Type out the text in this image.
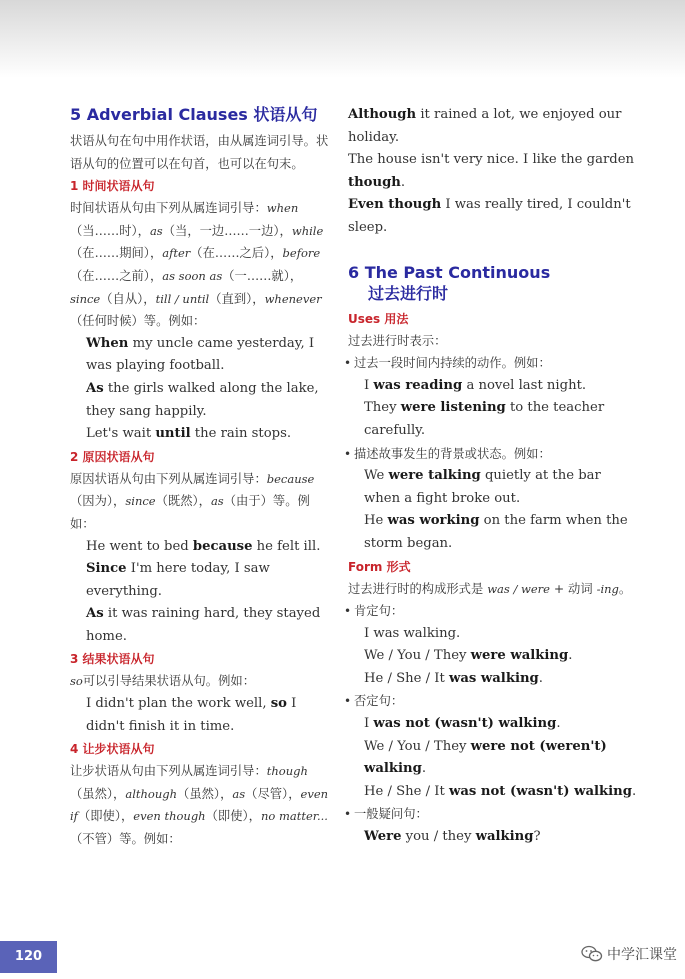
5 Adverbial Clauses 状语从句

状语从句在句中用作状语，由从属连词引导。状语从句的位置可以在句首，也可以在句末。

1 时间状语从句

时间状语从句由下列从属连词引导：when（当……时），as（当，一边……一边），while（在……期间），after（在……之后），before（在……之前），as soon as（一……就），since（自从），till / until（直到），whenever（任何时候）等。例如：

When my uncle came yesterday, I was playing football.

As the girls walked along the lake, they sang happily.

Let's wait until the rain stops.

2 原因状语从句

原因状语从句由下列从属连词引导：because（因为），since（既然），as（由于）等。例如：

He went to bed because he felt ill.

Since I'm here today, I saw everything.

As it was raining hard, they stayed home.

3 结果状语从句

so可以引导结果状语从句。例如：

I didn't plan the work well, so I didn't finish it in time.

4 让步状语从句

让步状语从句由下列从属连词引导：though（虽然），although（虽然），as（尽管），even if（即使），even though（即使），no matter...（不管）等。例如：

Although it rained a lot, we enjoyed our holiday.

The house isn't very nice. I like the garden though.

Even though I was really tired, I couldn't sleep.

6 The Past Continuous

过去进行时

Uses 用法

过去进行时表示：

• 过去一段时间内持续的动作。例如：

I was reading a novel last night.

They were listening to the teacher carefully.

• 描述故事发生的背景或状态。例如：

We were talking quietly at the bar when a fight broke out.

He was working on the farm when the storm began.

Form 形式

过去进行时的构成形式是 was / were + 动词 -ing。

• 肯定句：

I was walking.

We / You / They were walking.

He / She / It was walking.

• 否定句：

I was not (wasn't) walking.

We / You / They were not (weren't) walking.

He / She / It was not (wasn't) walking.

• 一般疑问句：

Were you / they walking?

120	中学汇课堂
